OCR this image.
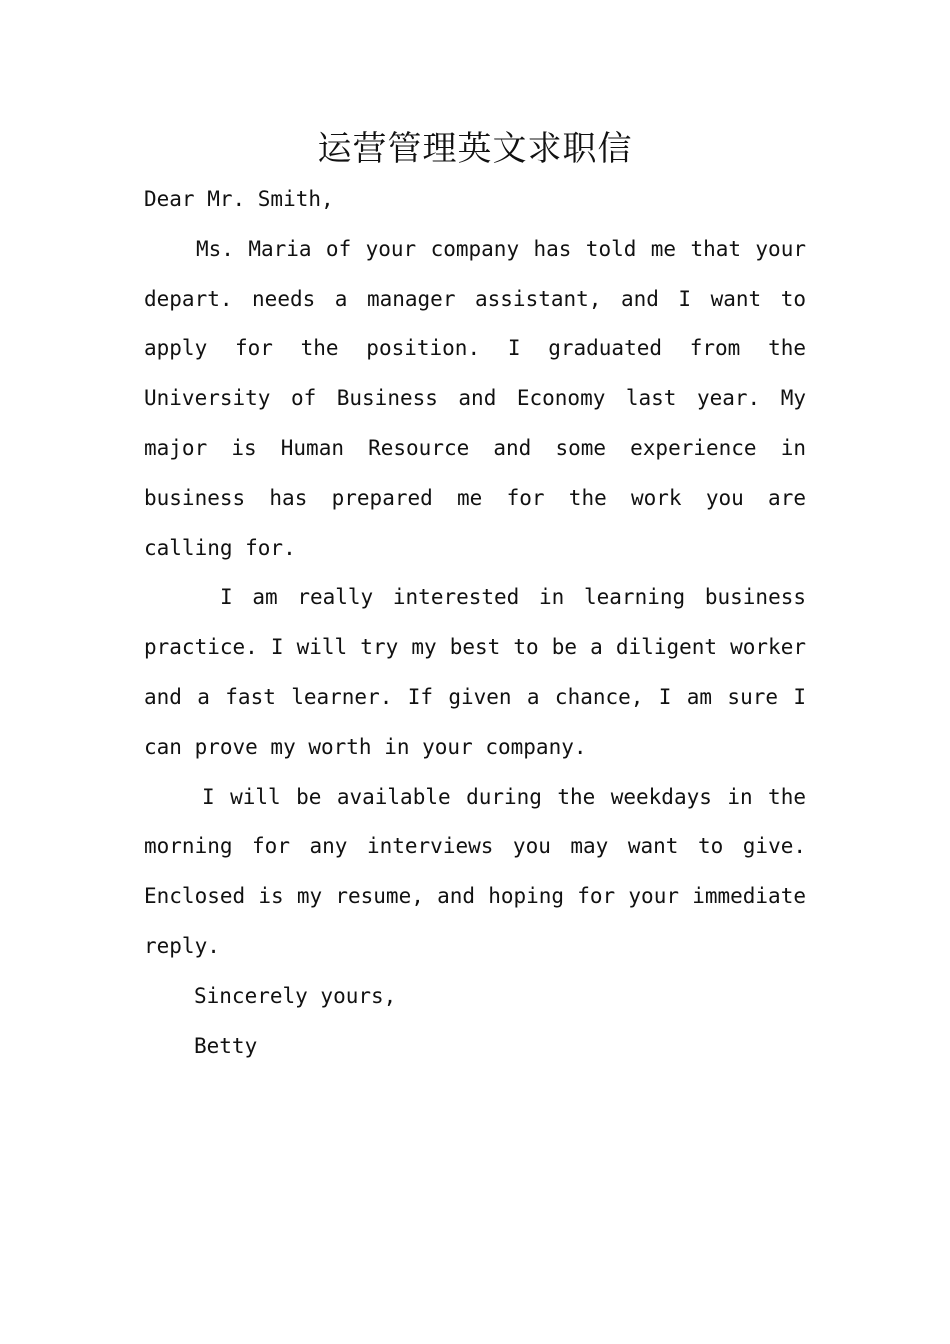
运营管理英文求职信

Dear Mr. Smith,

Ms. Maria of your company has told me that your depart. needs a manager assistant, and I want to apply for the position. I graduated from the University of Business and Economy last year. My major is Human Resource and some experience in business has prepared me for the work you are calling for.

I am really interested in learning business practice. I will try my best to be a diligent worker and a fast learner. If given a chance, I am sure I can prove my worth in your company.

I will be available during the weekdays in the morning for any interviews you may want to give. Enclosed is my resume, and hoping for your immediate reply.

Sincerely yours,

Betty
